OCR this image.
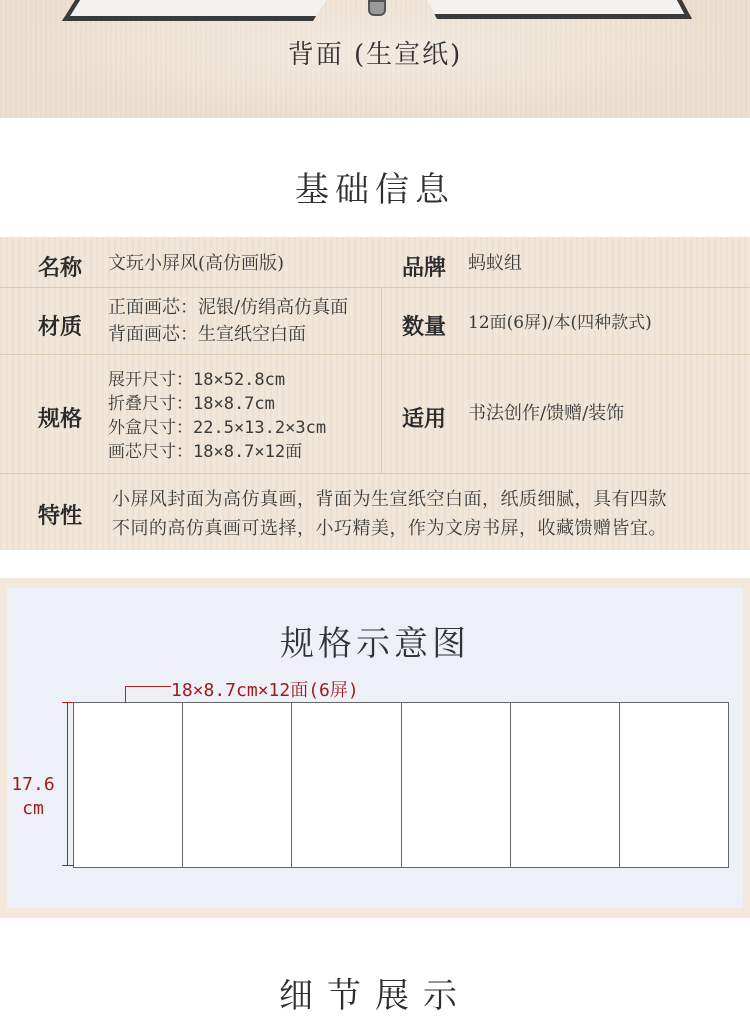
背面 (生宣纸)
基础信息
名称 文玩小屏风(高仿画版)	品牌 蚂蚁组
材质
正面画芯：泥银/仿绢高仿真面
背面画芯：生宣纸空白面	数量 12面(6屏)/本(四种款式)
规格
展开尺寸：18×52.8cm
折叠尺寸：18×8.7cm
外盒尺寸：22.5×13.2×3cm
画芯尺寸：18×8.7×12面
适用 书法创作/馈赠/装饰
特性
小屏风封面为高仿真画，背面为生宣纸空白面，纸质细腻，具有四款
不同的高仿真画可选择，小巧精美，作为文房书屏，收藏馈赠皆宜。
规格示意图
18×8.7cm×12面(6屏)
17.6
cm
细节展示
